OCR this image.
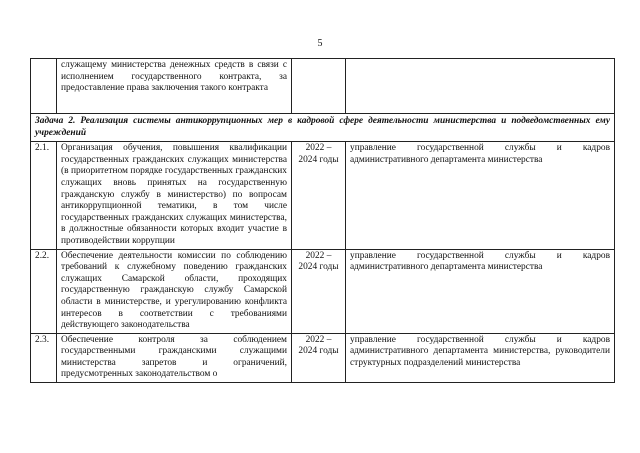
5
	служащему министерства денежных средств в связи с исполнением государственного контракта, за предоставление права заключения такого контракта		
Задача 2. Реализация системы антикоррупционных мер в кадровой сфере деятельности министерства и подведомственных ему учреждений			
2.1.	Организация обучения, повышения квалификации государственных гражданских служащих министерства (в приоритетном порядке государственных гражданских служащих вновь принятых на государственную гражданскую службу в министерство) по вопросам антикоррупционной тематики, в том числе государственных гражданских служащих министерства, в должностные обязанности которых входит участие в противодействии коррупции	2022 – 2024 годы	управление государственной службы и кадров административного департамента министерства
2.2.	Обеспечение деятельности комиссии по соблюдению требований к служебному поведению гражданских служащих Самарской области, проходящих государственную гражданскую службу Самарской области в министерстве, и урегулированию конфликта интересов в соответствии с требованиями действующего законодательства	2022 – 2024 годы	управление государственной службы и кадров административного департамента министерства
2.3.	Обеспечение контроля за соблюдением государственными гражданскими служащими министерства запретов и ограничений, предусмотренных законодательством о	2022 – 2024 годы	управление государственной службы и кадров административного департамента министерства, руководители структурных подразделений министерства
